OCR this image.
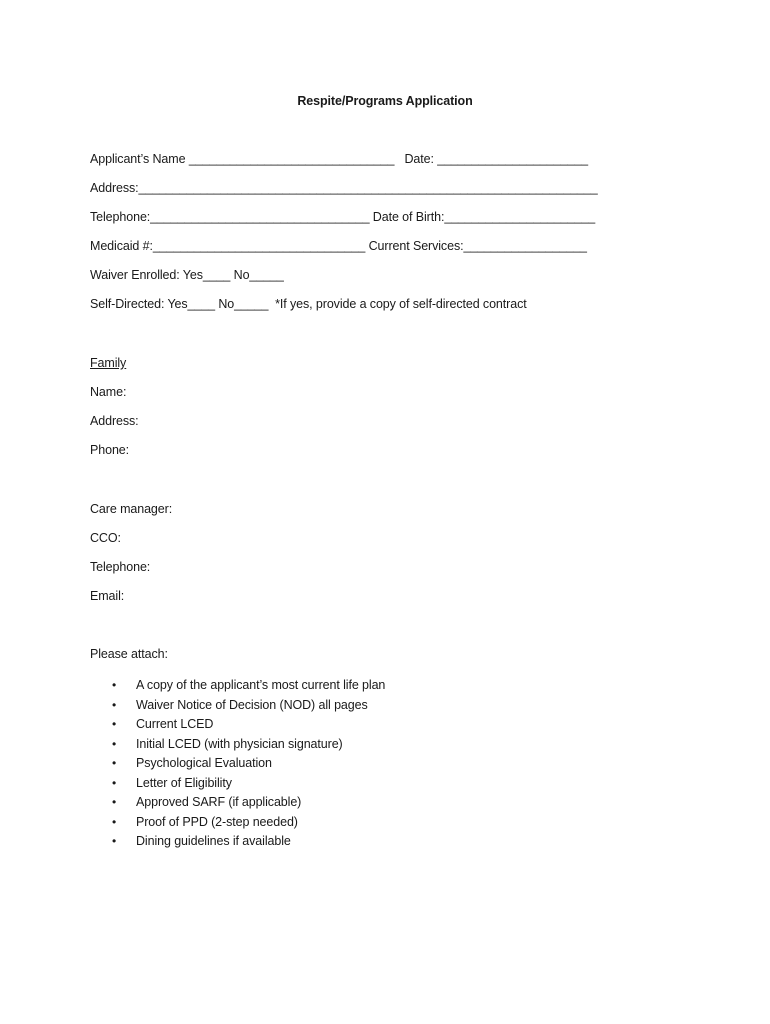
Respite/Programs Application
Applicant’s Name ______________________________   Date: ______________________
Address:___________________________________________________________________
Telephone:________________________________ Date of Birth:______________________
Medicaid #:_______________________________ Current Services:__________________
Waiver Enrolled: Yes____ No_____
Self-Directed: Yes____ No_____  *If yes, provide a copy of self-directed contract
Family
Name:
Address:
Phone:
Care manager:
CCO:
Telephone:
Email:
Please attach:
• A copy of the applicant’s most current life plan
• Waiver Notice of Decision (NOD) all pages
• Current LCED
• Initial LCED (with physician signature)
• Psychological Evaluation
• Letter of Eligibility
• Approved SARF (if applicable)
• Proof of PPD (2-step needed)
• Dining guidelines if available
